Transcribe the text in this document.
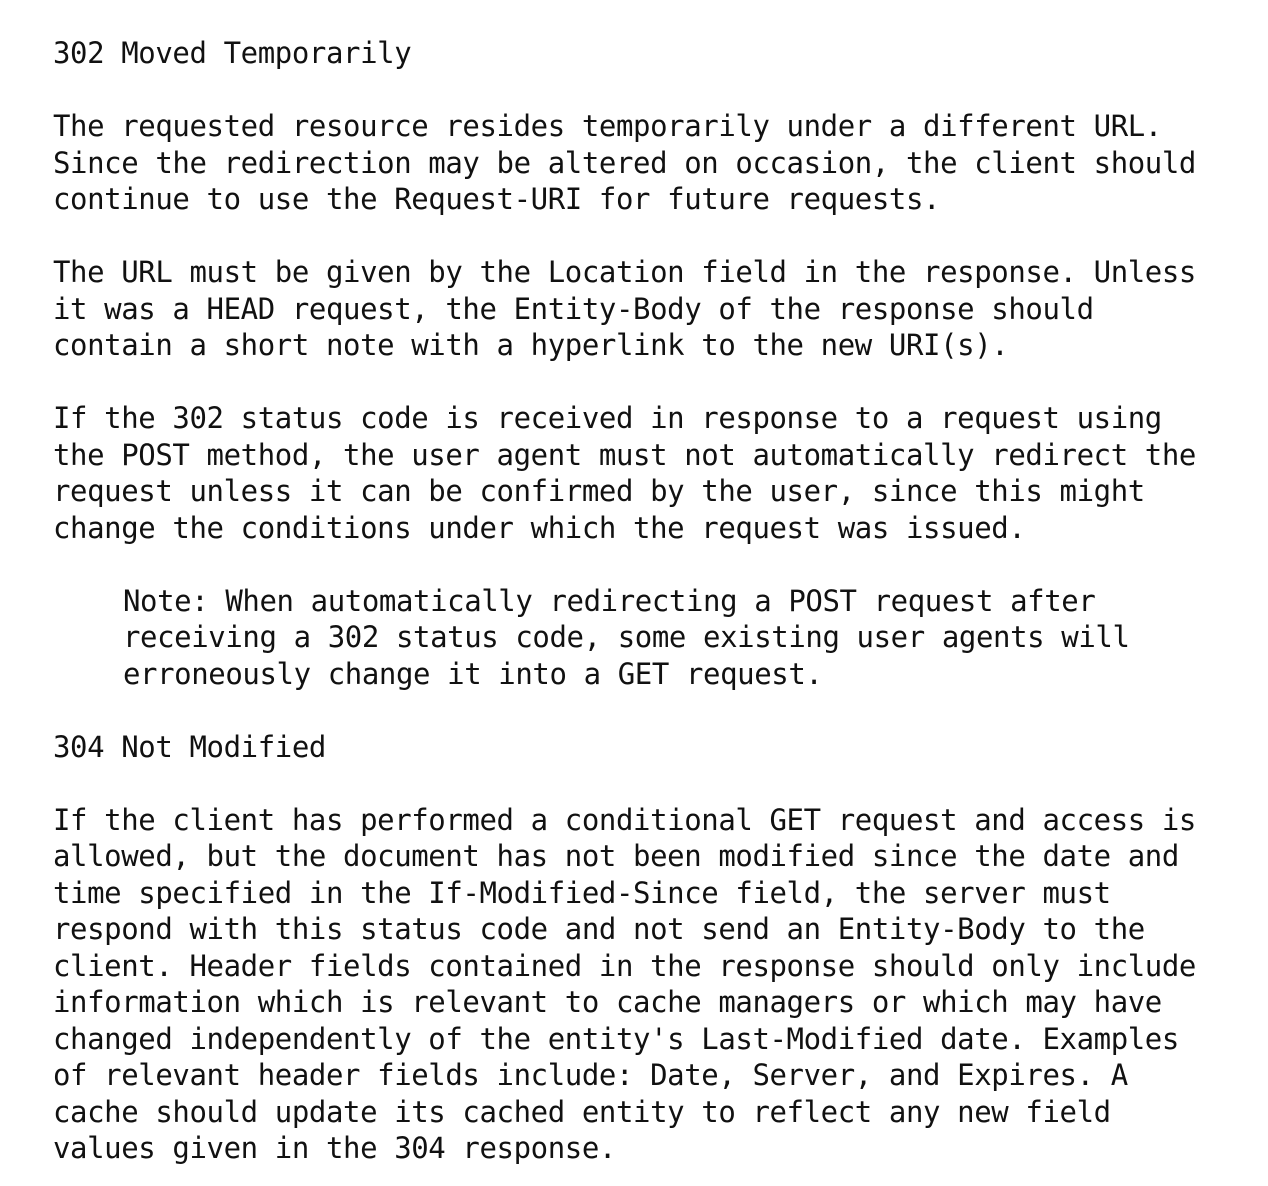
302 Moved Temporarily
The requested resource resides temporarily under a different URL.
Since the redirection may be altered on occasion, the client should
continue to use the Request-URI for future requests.
The URL must be given by the Location field in the response. Unless
it was a HEAD request, the Entity-Body of the response should
contain a short note with a hyperlink to the new URI(s).
If the 302 status code is received in response to a request using
the POST method, the user agent must not automatically redirect the
request unless it can be confirmed by the user, since this might
change the conditions under which the request was issued.
Note: When automatically redirecting a POST request after
receiving a 302 status code, some existing user agents will
erroneously change it into a GET request.
304 Not Modified
If the client has performed a conditional GET request and access is
allowed, but the document has not been modified since the date and
time specified in the If-Modified-Since field, the server must
respond with this status code and not send an Entity-Body to the
client. Header fields contained in the response should only include
information which is relevant to cache managers or which may have
changed independently of the entity's Last-Modified date. Examples
of relevant header fields include: Date, Server, and Expires. A
cache should update its cached entity to reflect any new field
values given in the 304 response.
